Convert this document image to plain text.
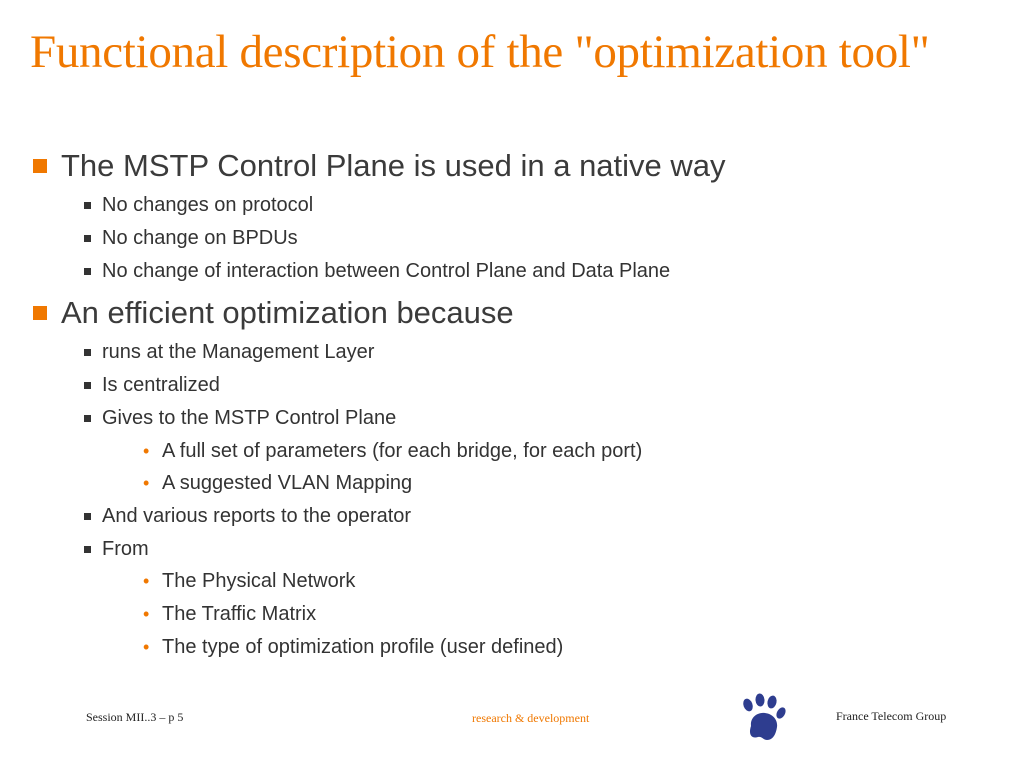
Functional description of the "optimization tool"
The MSTP Control Plane is used in a native way
No changes on protocol
No change on BPDUs
No change of interaction between Control Plane and Data Plane
An efficient optimization because
runs at the Management Layer
Is centralized
Gives to the MSTP Control Plane
• A full set of parameters (for each bridge, for each port)
• A suggested VLAN Mapping
And various reports to the operator
From
• The Physical Network
• The Traffic Matrix
• The type of optimization profile (user defined)
Session MII..3 – p 5	research & development	France Telecom Group
